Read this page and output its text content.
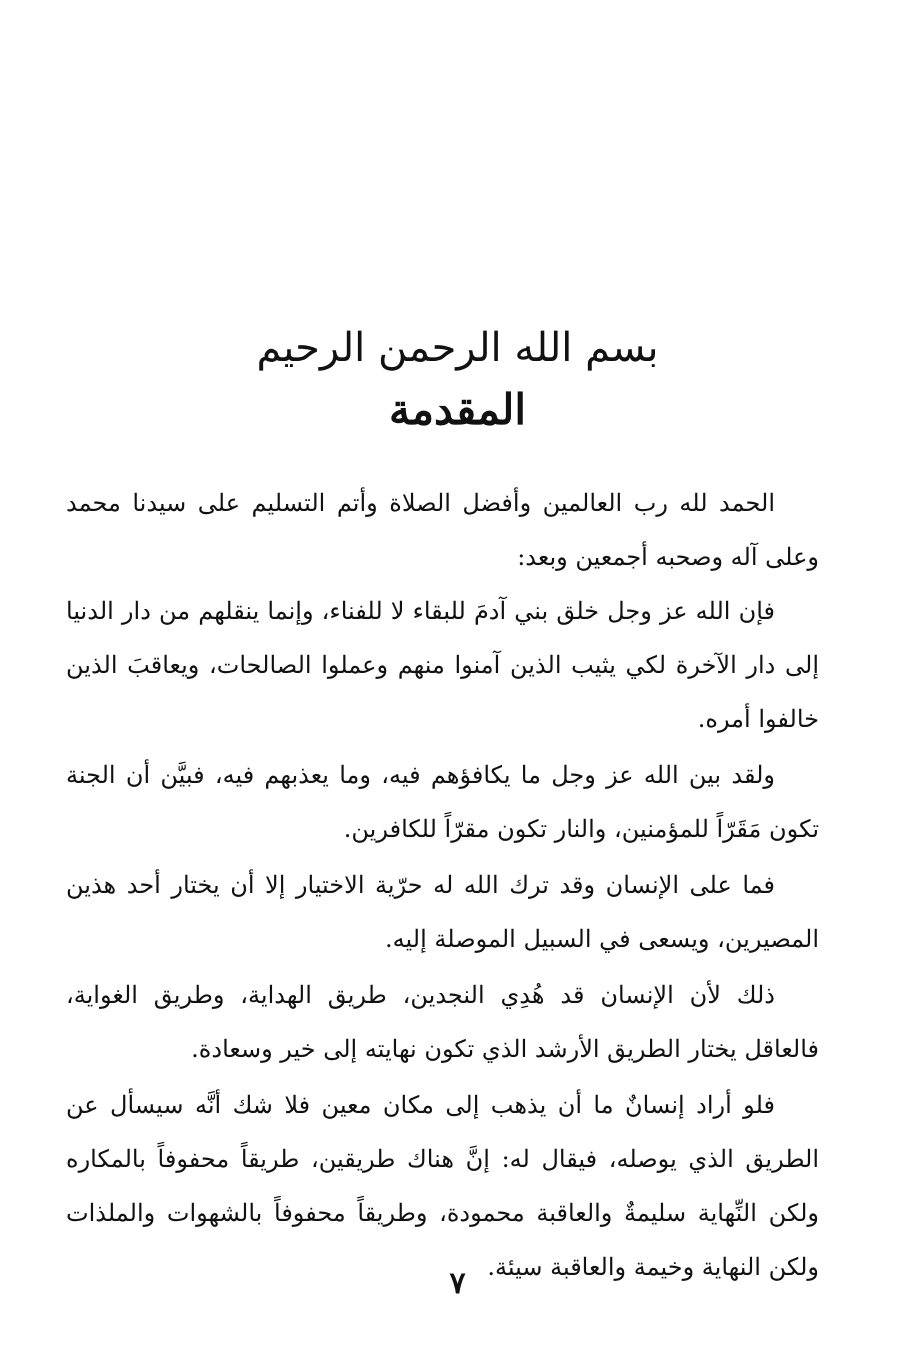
بسم الله الرحمن الرحيم
المقدمة

الحمد لله رب العالمين وأفضل الصلاة وأتم التسليم على سيدنا محمد وعلى آله وصحبه أجمعين وبعد:

فإن الله عز وجل خلق بني آدمَ للبقاء لا للفناء، وإنما ينقلهم من دار الدنيا إلى دار الآخرة لكي يثيب الذين آمنوا منهم وعملوا الصالحات، ويعاقبَ الذين خالفوا أمره.

ولقد بين الله عز وجل ما يكافؤهم فيه، وما يعذبهم فيه، فبيَّن أن الجنة تكون مَقَرّاً للمؤمنين، والنار تكون مقرّاً للكافرين.

فما على الإنسان وقد ترك الله له حرّية الاختيار إلا أن يختار أحد هذين المصيرين، ويسعى في السبيل الموصلة إليه.

ذلك لأن الإنسان قد هُدِي النجدين، طريق الهداية، وطريق الغواية، فالعاقل يختار الطريق الأرشد الذي تكون نهايته إلى خير وسعادة.

فلو أراد إنسانٌ ما أن يذهب إلى مكان معين فلا شك أنَّه سيسأل عن الطريق الذي يوصله، فيقال له: إنَّ هناك طريقين، طريقاً محفوفاً بالمكاره ولكن النِّهاية سليمةٌ والعاقبة محمودة، وطريقاً محفوفاً بالشهوات والملذات ولكن النهاية وخيمة والعاقبة سيئة.

٧
